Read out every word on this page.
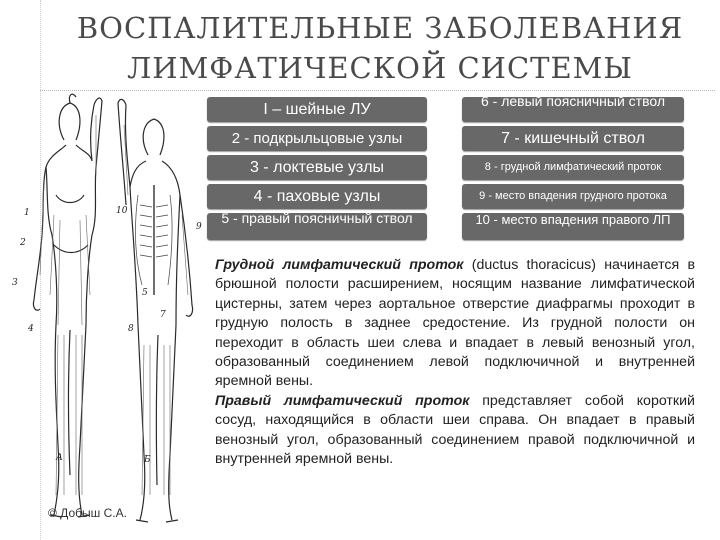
ВОСПАЛИТЕЛЬНЫЕ ЗАБОЛЕВАНИЯ
ЛИМФАТИЧЕСКОЙ СИСТЕМЫ
I – шейные ЛУ
2 - подкрыльцовые узлы
3 - локтевые узлы
4 - паховые узлы
5 - правый поясничный ствол
6 - левый поясничный ствол
7 - кишечный ствол
8 - грудной лимфатический проток
9 - место впадения грудного протока
10 - место впадения правого ЛП
1
2
3
4
10
9
5
7
8
А	Б
© Добыш С.А.

Грудной лимфатический проток (ductus thoracicus) начинается в брюшной полости расширением, носящим название лимфатической цистерны, затем через аортальное отверстие диафрагмы проходит в грудную полость в заднее средостение. Из грудной полости он переходит в область шеи слева и впадает в левый венозный угол, образованный соединением левой подключичной и внутренней яремной вены.

Правый лимфатический проток представляет собой короткий сосуд, находящийся в области шеи справа. Он впадает в правый венозный угол, образованный соединением правой подключичной и внутренней яремной вены.
